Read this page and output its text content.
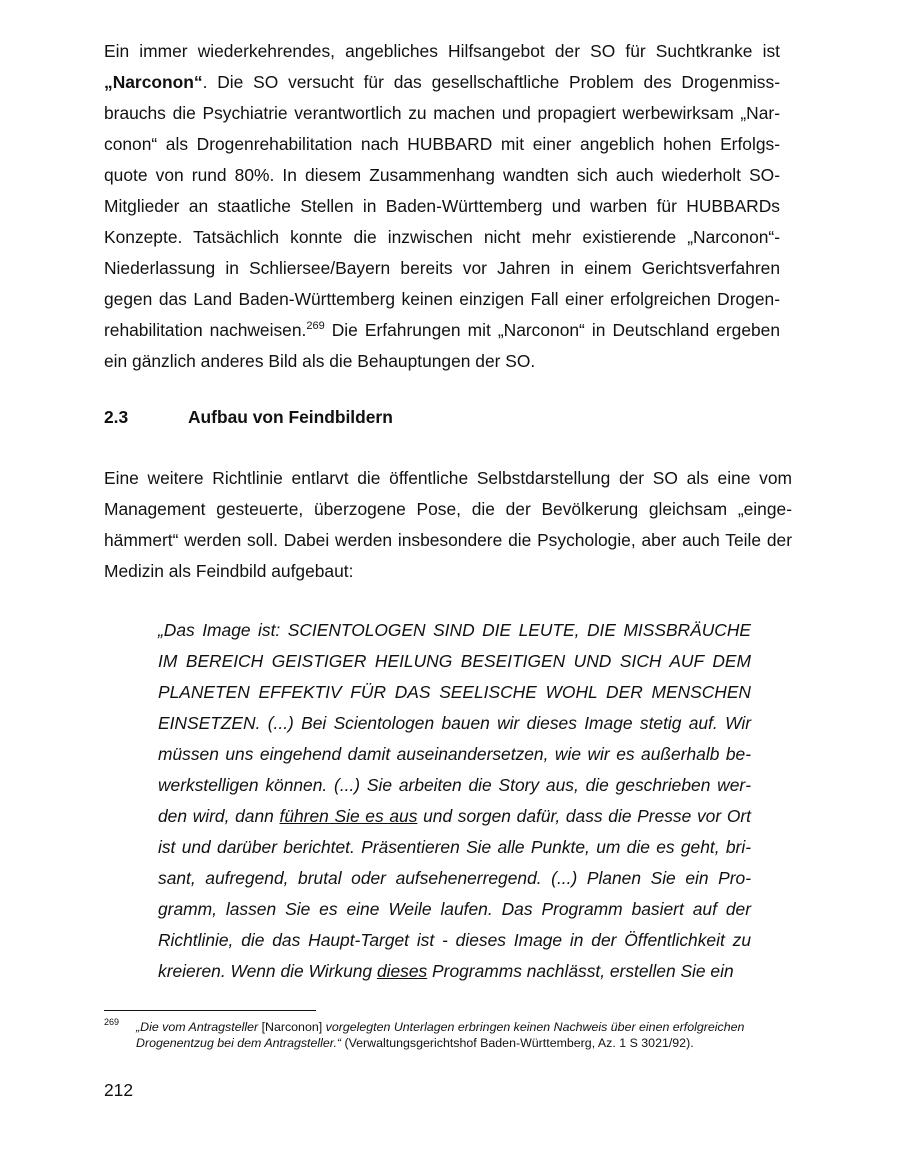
Ein immer wiederkehrendes, angebliches Hilfsangebot der SO für Suchtkranke ist „Narconon“. Die SO versucht für das gesellschaftliche Problem des Drogenmissbrauchs die Psychiatrie verantwortlich zu machen und propagiert werbewirksam „Narconon“ als Drogenrehabilitation nach HUBBARD mit einer angeblich hohen Erfolgsquote von rund 80%. In diesem Zusammenhang wandten sich auch wiederholt SO-Mitglieder an staatliche Stellen in Baden-Württemberg und warben für HUBBARDs Konzepte. Tatsächlich konnte die inzwischen nicht mehr existierende „Narconon“-Niederlassung in Schliersee/Bayern bereits vor Jahren in einem Gerichtsverfahren gegen das Land Baden-Württemberg keinen einzigen Fall einer erfolgreichen Drogenrehabilitation nachweisen.$^{269}$ Die Erfahrungen mit „Narconon“ in Deutschland ergeben ein gänzlich anderes Bild als die Behauptungen der SO.

2.3	Aufbau von Feindbildern

Eine weitere Richtlinie entlarvt die öffentliche Selbstdarstellung der SO als eine vom Management gesteuerte, überzogene Pose, die der Bevölkerung gleichsam „eingehämmert“ werden soll. Dabei werden insbesondere die Psychologie, aber auch Teile der Medizin als Feindbild aufgebaut:

„Das Image ist: SCIENTOLOGEN SIND DIE LEUTE, DIE MISSBRÄUCHE IM BEREICH GEISTIGER HEILUNG BESEITIGEN UND SICH AUF DEM PLANETEN EFFEKTIV FÜR DAS SEELISCHE WOHL DER MENSCHEN EINSETZEN. (...) Bei Scientologen bauen wir dieses Image stetig auf. Wir müssen uns eingehend damit auseinandersetzen, wie wir es außerhalb bewerkstelligen können. (...) Sie arbeiten die Story aus, die geschrieben werden wird, dann führen Sie es aus und sorgen dafür, dass die Presse vor Ort ist und darüber berichtet. Präsentieren Sie alle Punkte, um die es geht, brisant, aufregend, brutal oder aufsehenerregend. (...) Planen Sie ein Programm, lassen Sie es eine Weile laufen. Das Programm basiert auf der Richtlinie, die das Haupt-Target ist - dieses Image in der Öffentlichkeit zu kreieren. Wenn die Wirkung dieses Programms nachlässt, erstellen Sie ein

269 „Die vom Antragsteller [Narconon] vorgelegten Unterlagen erbringen keinen Nachweis über einen erfolgreichen Drogenentzug bei dem Antragsteller.“ (Verwaltungsgerichtshof Baden-Württemberg, Az. 1 S 3021/92).

212
